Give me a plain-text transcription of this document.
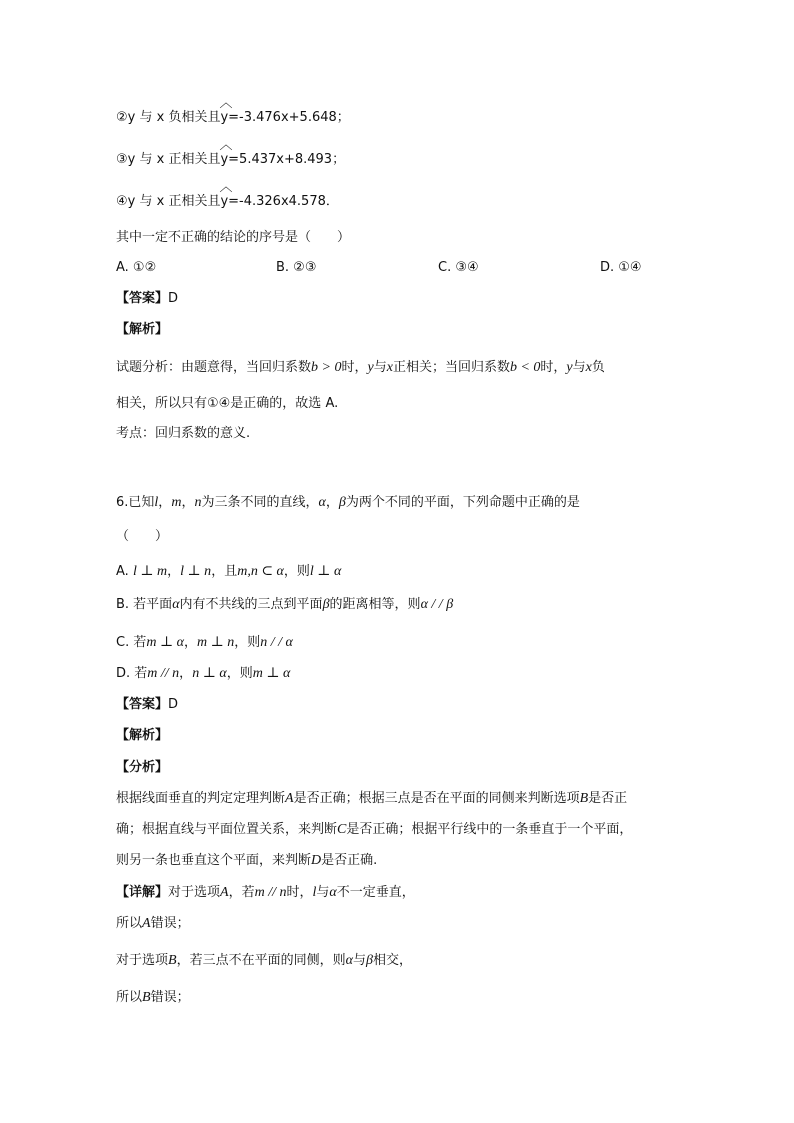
②y 与 x 负相关且
︿
y=-3.476x+5.648；
③y 与 x 正相关且
︿
y=5.437x+8.493；
④y 与 x 正相关且
︿
y=-4.326x4.578．
其中一定不正确的结论的序号是（　　）
A. ①②	B. ②③	C. ③④	D. ①④
【答案】D
【解析】
试题分析：由题意得，当回归系数b > 0时，y与x正相关；当回归系数b < 0时，y与x负
相关，所以只有①④是正确的，故选 A.
考点：回归系数的意义.
6.已知l，m，n为三条不同的直线，α，β为两个不同的平面，下列命题中正确的是
（　　）
A. l ⊥ m，l ⊥ n，且m,n ⊂ α，则l ⊥ α
B. 若平面α内有不共线的三点到平面β的距离相等，则α / / β
C. 若m ⊥ α，m ⊥ n，则n / / α
D. 若m // n，n ⊥ α，则m ⊥ α
【答案】D
【解析】
【分析】
根据线面垂直的判定定理判断A是否正确；根据三点是否在平面的同侧来判断选项B是否正
确；根据直线与平面位置关系，来判断C是否正确；根据平行线中的一条垂直于一个平面，
则另一条也垂直这个平面，来判断D是否正确.
【详解】对于选项A，若m // n时，l与α不一定垂直，
所以A错误；
对于选项B，若三点不在平面的同侧，则α与β相交，
所以B错误；
